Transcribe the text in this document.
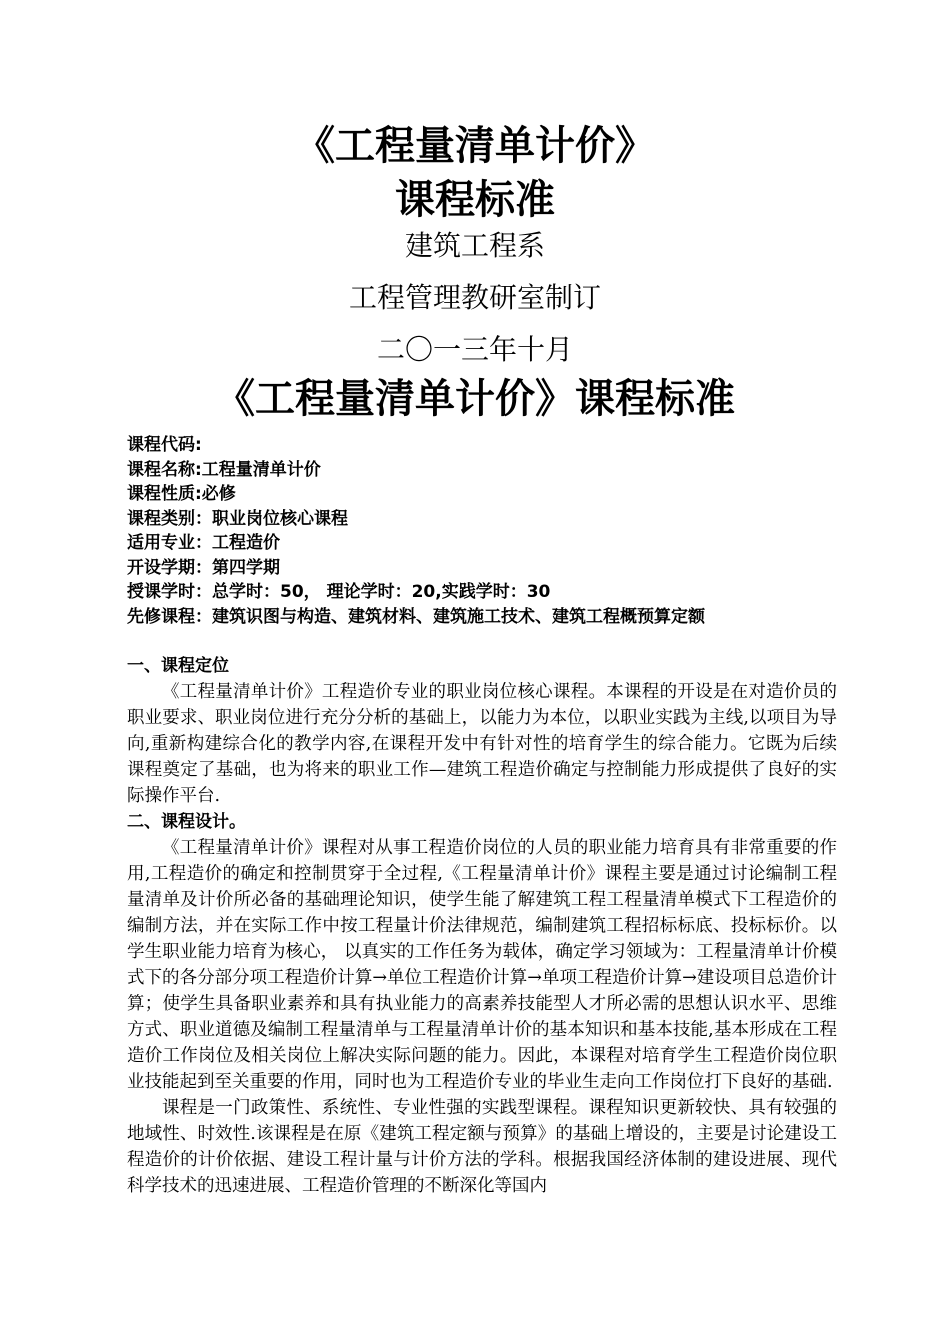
《工程量清单计价》
课程标准
建筑工程系
工程管理教研室制订
二〇一三年十月
《工程量清单计价》课程标准
课程代码:
课程名称:工程量清单计价
课程性质:必修
课程类别：职业岗位核心课程
适用专业：工程造价
开设学期：第四学期
授课学时：总学时：50， 理论学时：20,实践学时：30
先修课程：建筑识图与构造、建筑材料、建筑施工技术、建筑工程概预算定额
一、课程定位

《工程量清单计价》工程造价专业的职业岗位核心课程。本课程的开设是在对造价员的职业要求、职业岗位进行充分分析的基础上，以能力为本位，以职业实践为主线,以项目为导向,重新构建综合化的教学内容,在课程开发中有针对性的培育学生的综合能力。它既为后续课程奠定了基础，也为将来的职业工作—建筑工程造价确定与控制能力形成提供了良好的实际操作平台.

二、课程设计。

《工程量清单计价》课程对从事工程造价岗位的人员的职业能力培育具有非常重要的作用,工程造价的确定和控制贯穿于全过程,《工程量清单计价》课程主要是通过讨论编制工程量清单及计价所必备的基础理论知识，使学生能了解建筑工程工程量清单模式下工程造价的编制方法，并在实际工作中按工程量计价法律规范，编制建筑工程招标标底、投标标价。以学生职业能力培育为核心， 以真实的工作任务为载体，确定学习领域为：工程量清单计价模式下的各分部分项工程造价计算→单位工程造价计算→单项工程造价计算→建设项目总造价计算；使学生具备职业素养和具有执业能力的高素养技能型人才所必需的思想认识水平、思维方式、职业道德及编制工程量清单与工程量清单计价的基本知识和基本技能,基本形成在工程造价工作岗位及相关岗位上解决实际问题的能力。因此，本课程对培育学生工程造价岗位职业技能起到至关重要的作用，同时也为工程造价专业的毕业生走向工作岗位打下良好的基础.

课程是一门政策性、系统性、专业性强的实践型课程。课程知识更新较快、具有较强的地域性、时效性.该课程是在原《建筑工程定额与预算》的基础上增设的，主要是讨论建设工程造价的计价依据、建设工程计量与计价方法的学科。根据我国经济体制的建设进展、现代科学技术的迅速进展、工程造价管理的不断深化等国内
